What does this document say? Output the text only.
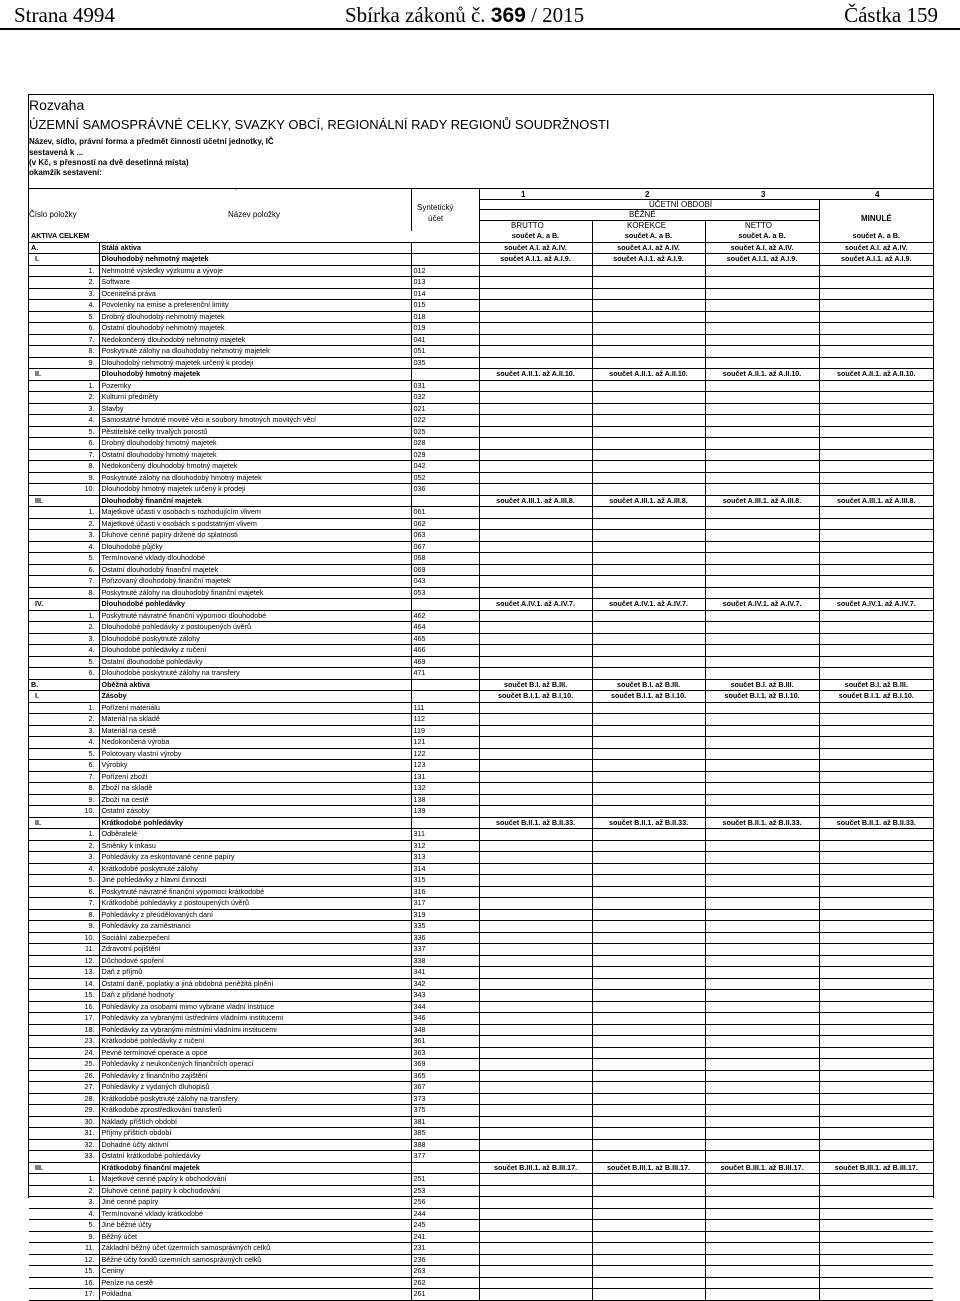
Strana 4994	Sbírka zákonů č. 369 / 2015	Částka 159
Rozvaha
ÚZEMNÍ SAMOSPRÁVNÉ CELKY, SVAZKY OBCÍ, REGIONÁLNÍ RADY REGIONŮ SOUDRŽNOSTI
Název, sídlo, právní forma a předmět činnosti účetní jednotky, IČ
sestavená k ...
(v Kč, s přesností na dvě desetinná místa)
okamžik sestavení:
.
1	2	3	4
ÚČETNÍ OBDOBÍ
Číslo položky	Název položky
Syntetický
účet	BĚŽNÉ	MINULÉ
BRUTTO	KOREKCE	NETTO
AKTIVA CELKEM			součet A. a B.	součet A. a B.	součet A. a B.	součet A. a B.
A.	Stálá aktiva		součet A.I. až A.IV.	součet A.I. až A.IV.	součet A.I. až A.IV.	součet A.I. až A.IV.
I.	Dlouhodobý nehmotný majetek		součet A.I.1. až A.I.9.	součet A.I.1. až A.I.9.	součet A.I.1. až A.I.9.	součet A.I.1. až A.I.9.
1.	Nehmotné výsledky výzkumu a vývoje	012				
2.	Software	013				
3.	Ocenitelná práva	014				
4.	Povolenky na emise a preferenční limity	015				
5.	Drobný dlouhodobý nehmotný majetek	018				
6.	Ostatní dlouhodobý nehmotný majetek	019				
7.	Nedokončený dlouhodobý nehmotný majetek	041				
8.	Poskytnuté zálohy na dlouhodobý nehmotný majetek	051				
9.	Dlouhodobý nehmotný majetek určený k prodeji	035				
II.	Dlouhodobý hmotný majetek		součet A.II.1. až A.II.10.	součet A.II.1. až A.II.10.	součet A.II.1. až A.II.10.	součet A.II.1. až A.II.10.
1.	Pozemky	031				
2.	Kulturní předměty	032				
3.	Stavby	021				
4.	Samostatné hmotné movité věci a soubory hmotných movitých věcí	022				
5.	Pěstitelské celky trvalých porostů	025				
6.	Drobný dlouhodobý hmotný majetek	028				
7.	Ostatní dlouhodobý hmotný majetek	029				
8.	Nedokončený dlouhodobý hmotný majetek	042				
9.	Poskytnuté zálohy na dlouhodobý hmotný majetek	052				
10.	Dlouhodobý hmotný majetek určený k prodeji	036				
III.	Dlouhodobý finanční majetek		součet A.III.1. až A.III.8.	součet A.III.1. až A.III.8.	součet A.III.1. až A.III.8.	součet A.III.1. až A.III.8.
1.	Majetkové účasti v osobách s rozhodujícím vlivem	061				
2.	Majetkové účasti v osobách s podstatným vlivem	062				
3.	Dluhové cenné papíry držené do splatnosti	063				
4.	Dlouhodobé půjčky	067				
5.	Termínované vklady dlouhodobé	068				
6.	Ostatní dlouhodobý finanční majetek	069				
7.	Pořizovaný dlouhodobý finanční majetek	043				
8.	Poskytnuté zálohy na dlouhodobý finanční majetek	053				
IV.	Dlouhodobé pohledávky		součet A.IV.1. až A.IV.7.	součet A.IV.1. až A.IV.7.	součet A.IV.1. až A.IV.7.	součet A.IV.1. až A.IV.7.
1.	Poskytnuté návratné finanční výpomoci dlouhodobé	462				
2.	Dlouhodobé pohledávky z postoupených úvěrů	464				
3.	Dlouhodobé poskytnuté zálohy	465				
4.	Dlouhodobé pohledávky z ručení	466				
5.	Ostatní dlouhodobé pohledávky	469				
6.	Dlouhodobé poskytnuté zálohy na transfery	471				
B.	Oběžná aktiva		součet B.I. až B.III.	součet B.I. až B.III.	součet B.I. až B.III.	součet B.I. až B.III.
I.	Zásoby		součet B.I.1. až B.I.10.	součet B.I.1. až B.I.10.	součet B.I.1. až B.I.10.	součet B.I.1. až B.I.10.
1.	Pořízení materiálu	111				
2.	Materiál na skladě	112				
3.	Materiál na cestě	119				
4.	Nedokončená výroba	121				
5.	Polotovary vlastní výroby	122				
6.	Výrobky	123				
7.	Pořízení zboží	131				
8.	Zboží na skladě	132				
9.	Zboží na cestě	138				
10.	Ostatní zásoby	139				
II.	Krátkodobé pohledávky		součet B.II.1. až B.II.33.	součet B.II.1. až B.II.33.	součet B.II.1. až B.II.33.	součet B.II.1. až B.II.33.
1.	Odběratelé	311				
2.	Směnky k inkasu	312				
3.	Pohledávky za eskontované cenné papíry	313				
4.	Krátkodobé poskytnuté zálohy	314				
5.	Jiné pohledávky z hlavní činnosti	315				
6.	Poskytnuté návratné finanční výpomoci krátkodobé	316				
7.	Krátkodobé pohledávky z postoupených úvěrů	317				
8.	Pohledávky z přeúdělovaných daní	319				
9.	Pohledávky za zaměstnanci	335				
10.	Sociální zabezpečení	336				
11.	Zdravotní pojištění	337				
12.	Důchodové spoření	338				
13.	Daň z příjmů	341				
14.	Ostatní daně, poplatky a jiná obdobná peněžitá plnění	342				
15.	Daň z přidané hodnoty	343				
16.	Pohledávky za osobami mimo vybrané vládní instituce	344				
17.	Pohledávky za vybranými ústředními vládními institucemi	346				
18.	Pohledávky za vybranými místními vládními institucemi	348				
23.	Krátkodobé pohledávky z ručení	361				
24.	Pevné termínové operace a opce	363				
25.	Pohledávky z neukončených finančních operací	369				
26.	Pohledávky z finančního zajištění	365				
27.	Pohledávky z vydaných dluhopisů	367				
28.	Krátkodobé poskytnuté zálohy na transfery	373				
29.	Krátkodobé zprostředkování transferů	375				
30.	Náklady příštích období	381				
31.	Příjmy příštích období	385				
32.	Dohadné účty aktivní	388				
33.	Ostatní krátkodobé pohledávky	377				
III.	Krátkodobý finanční majetek		součet B.III.1. až B.III.17.	součet B.III.1. až B.III.17.	součet B.III.1. až B.III.17.	součet B.III.1. až B.III.17.
1.	Majetkové cenné papíry k obchodování	251				
2.	Dluhové cenné papíry k obchodování	253				
3.	Jiné cenné papíry	256				
4.	Termínované vklady krátkodobé	244				
5.	Jiné běžné účty	245				
9.	Běžný účet	241				
11.	Základní běžný účet územních samosprávných celků	231				
12.	Běžné účty fondů územních samosprávných celků	236				
15.	Ceniny	263				
16.	Peníze na cestě	262				
17.	Pokladna	261				
